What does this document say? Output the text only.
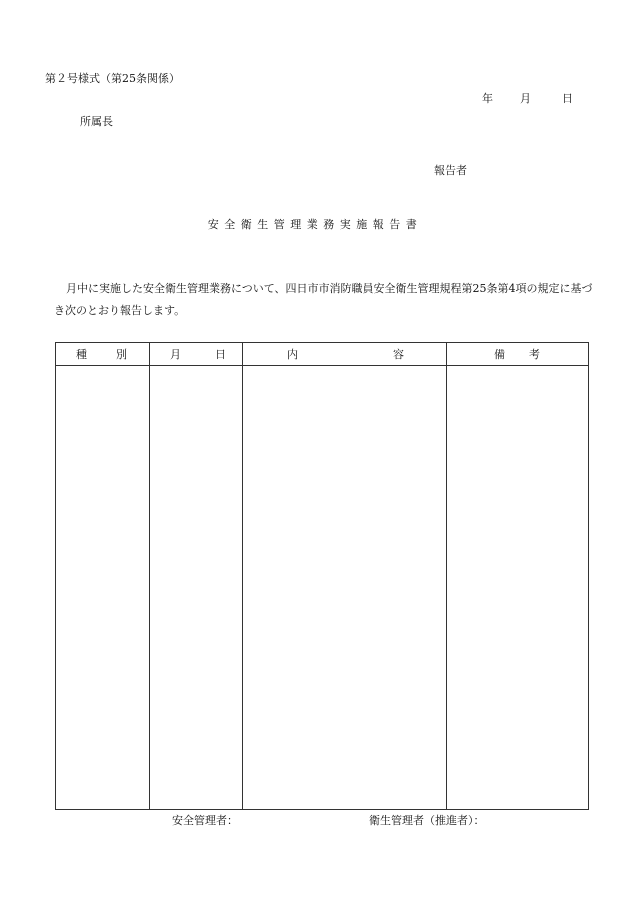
第２号様式（第25条関係）
年 月	日
所属長
報告者
安全衛生管理業務実施報告書
月中に実施した安全衛生管理業務について、四日市市消防職員安全衛生管理規程第25条第4項の規定に基づき次のとおり報告します。
種 別	月 日	内 容	備 考

安全管理者：	衛生管理者（推進者）：
